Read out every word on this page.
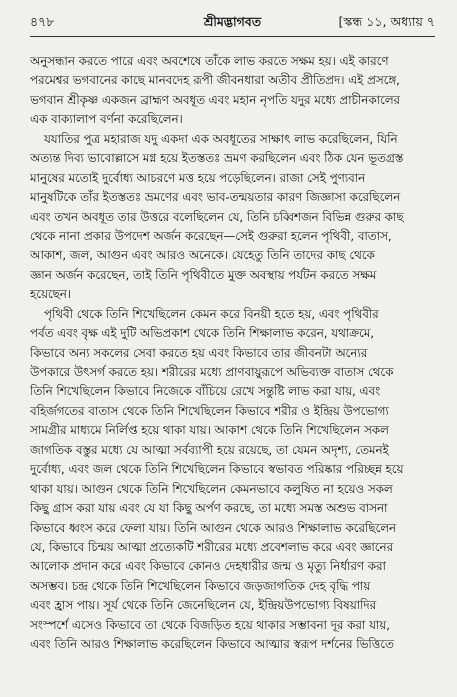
৪৭৮	শ্রীমদ্ভাগবত	[স্কন্ধ ১১, অধ্যায় ৭
অনুসন্ধান করতে পারে এবং অবশেষে তাঁকে লাভ করতে সক্ষম হয়। এই কারণে
পরমেশ্বর ভগবানের কাছে মানবদেহ রূপী জীবনধারা অতীব প্রীতিপ্রদ। এই প্রসঙ্গে,
ভগবান শ্রীকৃষ্ণ একজন ব্রাহ্মণ অবধূত এবং মহান নৃপতি যদুর মধ্যে প্রাচীনকালের
এক বাক্যালাপ বর্ণনা করেছিলেন।
যযাতির পুত্র মহারাজ যদু একদা এক অবধূতের সাক্ষাৎ লাভ করেছিলেন, যিনি
অত্যন্ত দিব্য ভাবোল্লাসে মগ্ন হয়ে ইতস্ততঃ ভ্রমণ করছিলেন এবং ঠিক যেন ভূতগ্রস্ত
মানুষের মতোই দুর্বোধ্য আচরণে মত্ত হয়ে পড়েছিলেন। রাজা সেই পুণ্যবান
মানুষটিকে তাঁর ইতস্ততঃ ভ্রমণের এবং ভাব-তন্ময়তার কারণ জিজ্ঞাসা করেছিলেন
এবং তখন অবধূত তার উত্তরে বলেছিলেন যে, তিনি চব্বিশজন বিভিন্ন গুরুর কাছ
থেকে নানা প্রকার উপদেশ অর্জন করেছেন—সেই গুরুরা হলেন পৃথিবী, বাতাস,
আকাশ, জল, আগুন এবং আরও অনেকে। যেহেতু তিনি তাদের কাছ থেকে
জ্ঞান অর্জন করেছেন, তাই তিনি পৃথিবীতে মুক্ত অবস্থায় পর্যটন করতে সক্ষম
হয়েছেন।
পৃথিবী থেকে তিনি শিখেছিলেন কেমন করে বিনয়ী হতে হয়, এবং পৃথিবীর
পর্বত এবং বৃক্ষ এই দুটি অভিপ্রকাশ থেকে তিনি শিক্ষালাভ করেন, যথাক্রমে,
কিভাবে অন্য সকলের সেবা করতে হয় এবং কিভাবে তার জীবনটা অন্যের
উপকারে উৎসর্গ করতে হয়। শরীরের মধ্যে প্রাণবায়ুরূপে অভিব্যক্ত বাতাস থেকে
তিনি শিখেছিলেন কিভাবে নিজেকে বাঁচিয়ে রেখে সন্তুষ্টি লাভ করা যায়, এবং
বহির্জগতের বাতাস থেকে তিনি শিখেছিলেন কিভাবে শরীর ও ইন্দ্রিয় উপভোগ্য
সামগ্রীর মাধ্যমে নির্লিপ্ত হয়ে থাকা যায়। আকাশ থেকে তিনি শিখেছিলেন সকল
জাগতিক বস্তুর মধ্যে যে আত্মা সর্বব্যাপী হয়ে রয়েছে, তা যেমন অদৃশ্য, তেমনই
দুর্বোধ্য, এবং জল থেকে তিনি শিখেছিলেন কিভাবে স্বভাবত পরিষ্কার পরিচ্ছন্ন হয়ে
থাকা যায়। আগুন থেকে তিনি শিখেছিলেন কেমনভাবে কলুষিত না হয়েও সকল
কিছু গ্রাস করা যায় এবং যে যা কিছু অর্পণ করছে, তা মধ্যে সমস্ত অশুভ বাসনা
কিভাবে ধ্বংস করে ফেলা যায়। তিনি আগুন থেকে আরও শিক্ষালাভ করেছিলেন
যে, কিভাবে চিন্ময় আত্মা প্রত্যেকটি শরীরের মধ্যে প্রবেশলাভ করে এবং জ্ঞানের
আলোক প্রদান করে এবং কিভাবে কোনও দেহধারীর জন্ম ও মৃত্যু নির্ধারণ করা
অসম্ভব। চন্দ্র থেকে তিনি শিখেছিলেন কিভাবে জড়জাগতিক দেহ বৃদ্ধি পায়
এবং হ্রাস পায়। সূর্য থেকে তিনি জেনেছিলেন যে, ইন্দ্রিয়উপভোগ্য বিষয়াদির
সংস্পর্শে এসেও কিভাবে তা থেকে বিজড়িত হয়ে থাকার সম্ভাবনা দূর করা যায়,
এবং তিনি আরও শিক্ষালাভ করেছিলেন কিভাবে আত্মার স্বরূপ দর্শনের ভিত্তিতে
